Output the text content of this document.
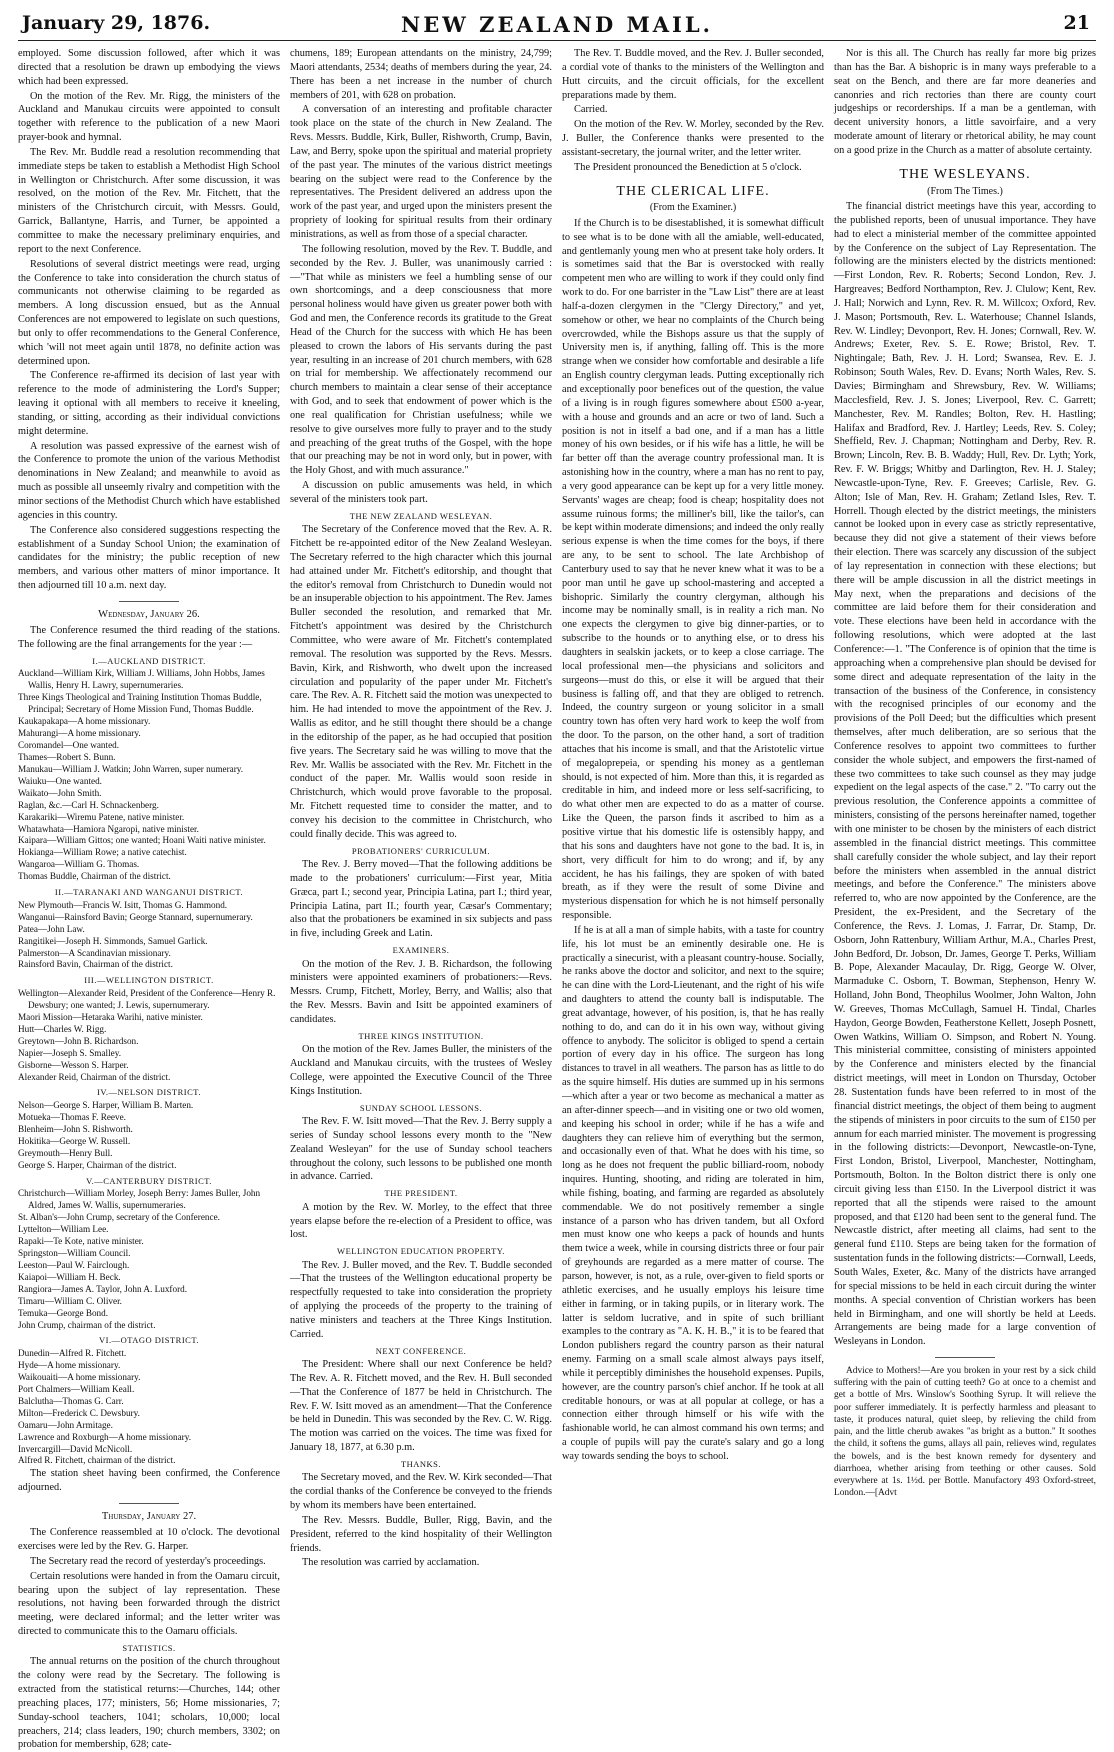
January 29, 1876.	NEW ZEALAND MAIL.	21

employed. Some discussion followed, after which it was directed that a resolution be drawn up embodying the views which had been expressed.

On the motion of the Rev. Mr. Rigg, the ministers of the Auckland and Manukau circuits were appointed to consult together with reference to the publication of a new Maori prayer-book and hymnal.

The Rev. Mr. Buddle read a resolution recommending that immediate steps be taken to establish a Methodist High School in Wellington or Christchurch. After some discussion, it was resolved, on the motion of the Rev. Mr. Fitchett, that the ministers of the Christchurch circuit, with Messrs. Gould, Garrick, Ballantyne, Harris, and Turner, be appointed a committee to make the necessary preliminary enquiries, and report to the next Conference.

Resolutions of several district meetings were read, urging the Conference to take into consideration the church status of communicants not otherwise claiming to be regarded as members. A long discussion ensued, but as the Annual Conferences are not empowered to legislate on such questions, but only to offer recommendations to the General Conference, which 'will not meet again until 1878, no definite action was determined upon.

The Conference re-affirmed its decision of last year with reference to the mode of administering the Lord's Supper; leaving it optional with all members to receive it kneeling, standing, or sitting, according as their individual convictions might determine.

A resolution was passed expressive of the earnest wish of the Conference to promote the union of the various Methodist denominations in New Zealand; and meanwhile to avoid as much as possible all unseemly rivalry and competition with the minor sections of the Methodist Church which have established agencies in this country.

The Conference also considered suggestions respecting the establishment of a Sunday School Union; the examination of candidates for the ministry; the public reception of new members, and various other matters of minor importance. It then adjourned till 10 a.m. next day.

Wednesday, January 26.

The Conference resumed the third reading of the stations. The following are the final arrangements for the year :—

I.—AUCKLAND DISTRICT.

Auckland—William Kirk, William J. Williams, John Hobbs, James Wallis, Henry H. Lawry, supernumeraries.

Three Kings Theological and Training Institution Thomas Buddle, Principal; Secretary of Home Mission Fund, Thomas Buddle.

Kaukapakapa—A home missionary.

Mahurangi—A home missionary.

Coromandel—One wanted.

Thames—Robert S. Bunn.

Manukau—William J. Watkin; John Warren, super numerary.

Waiuku—One wanted.

Waikato—John Smith.

Raglan, &c.—Carl H. Schnackenberg.

Karakariki—Wiremu Patene, native minister.

Whatawhata—Hamiora Ngaropi, native minister.

Kaipara—William Gittos; one wanted; Hoani Waiti native minister.

Hokianga—William Rowe; a native catechist.

Wangaroa—William G. Thomas.

Thomas Buddle, Chairman of the district.

II.—TARANAKI AND WANGANUI DISTRICT.

New Plymouth—Francis W. Isitt, Thomas G. Hammond.

Wanganui—Rainsford Bavin; George Stannard, supernumerary.

Patea—John Law.

Rangitikei—Joseph H. Simmonds, Samuel Garlick.

Palmerston—A Scandinavian missionary.

Rainsford Bavin, Chairman of the district.

III.—WELLINGTON DISTRICT.

Wellington—Alexander Reid, President of the Conference—Henry R. Dewsbury; one wanted; J. Lewis, supernumerary.

Maori Mission—Hetaraka Warihi, native minister.

Hutt—Charles W. Rigg.

Greytown—John B. Richardson.

Napier—Joseph S. Smalley.

Gisborne—Wesson S. Harper.

Alexander Reid, Chairman of the district.

IV.—NELSON DISTRICT.

Nelson—George S. Harper, William B. Marten.

Motueka—Thomas F. Reeve.

Blenheim—John S. Rishworth.

Hokitika—George W. Russell.

Greymouth—Henry Bull.

George S. Harper, Chairman of the district.

V.—CANTERBURY DISTRICT.

Christchurch—William Morley, Joseph Berry: James Buller, John Aldred, James W. Wallis, supernumeraries.

St. Alban's—John Crump, secretary of the Conference.

Lyttelton—William Lee.

Rapaki—Te Kote, native minister.

Springston—William Council.

Leeston—Paul W. Fairclough.

Kaiapoi—William H. Beck.

Rangiora—James A. Taylor, John A. Luxford.

Timaru—William C. Oliver.

Temuka—George Bond.

John Crump, chairman of the district.

VI.—OTAGO DISTRICT.

Dunedin—Alfred R. Fitchett.

Hyde—A home missionary.

Waikouaiti—A home missionary.

Port Chalmers—William Keall.

Balclutha—Thomas G. Carr.

Milton—Frederick C. Dewsbury.

Oamaru—John Armitage.

Lawrence and Roxburgh—A home missionary.

Invercargill—David McNicoll.

Alfred R. Fitchett, chairman of the district.

The station sheet having been confirmed, the Conference adjourned.

Thursday, January 27.

The Conference reassembled at 10 o'clock. The devotional exercises were led by the Rev. G. Harper.

The Secretary read the record of yesterday's proceedings.

Certain resolutions were handed in from the Oamaru circuit, bearing upon the subject of lay representation. These resolutions, not having been forwarded through the district meeting, were declared informal; and the letter writer was directed to communicate this to the Oamaru officials.

STATISTICS.

The annual returns on the position of the church throughout the colony were read by the Secretary. The following is extracted from the statistical returns:—Churches, 144; other preaching places, 177; ministers, 56; Home missionaries, 7; Sunday-school teachers, 1041; scholars, 10,000; local preachers, 214; class leaders, 190; church members, 3302; on probation for membership, 628; cate-

chumens, 189; European attendants on the ministry, 24,799; Maori attendants, 2534; deaths of members during the year, 24. There has been a net increase in the number of church members of 201, with 628 on probation.

A conversation of an interesting and profitable character took place on the state of the church in New Zealand. The Revs. Messrs. Buddle, Kirk, Buller, Rishworth, Crump, Bavin, Law, and Berry, spoke upon the spiritual and material propriety of the past year. The minutes of the various district meetings bearing on the subject were read to the Conference by the representatives. The President delivered an address upon the work of the past year, and urged upon the ministers present the propriety of looking for spiritual results from their ordinary ministrations, as well as from those of a special character.

The following resolution, moved by the Rev. T. Buddle, and seconded by the Rev. J. Buller, was unanimously carried :—"That while as ministers we feel a humbling sense of our own shortcomings, and a deep consciousness that more personal holiness would have given us greater power both with God and men, the Conference records its gratitude to the Great Head of the Church for the success with which He has been pleased to crown the labors of His servants during the past year, resulting in an increase of 201 church members, with 628 on trial for membership. We affectionately recommend our church members to maintain a clear sense of their acceptance with God, and to seek that endowment of power which is the one real qualification for Christian usefulness; while we resolve to give ourselves more fully to prayer and to the study and preaching of the great truths of the Gospel, with the hope that our preaching may be not in word only, but in power, with the Holy Ghost, and with much assurance."

A discussion on public amusements was held, in which several of the ministers took part.

THE NEW ZEALAND WESLEYAN.

The Secretary of the Conference moved that the Rev. A. R. Fitchett be re-appointed editor of the New Zealand Wesleyan. The Secretary referred to the high character which this journal had attained under Mr. Fitchett's editorship, and thought that the editor's removal from Christchurch to Dunedin would not be an insuperable objection to his appointment. The Rev. James Buller seconded the resolution, and remarked that Mr. Fitchett's appointment was desired by the Christchurch Committee, who were aware of Mr. Fitchett's contemplated removal. The resolution was supported by the Revs. Messrs. Bavin, Kirk, and Rishworth, who dwelt upon the increased circulation and popularity of the paper under Mr. Fitchett's care. The Rev. A. R. Fitchett said the motion was unexpected to him. He had intended to move the appointment of the Rev. J. Wallis as editor, and he still thought there should be a change in the editorship of the paper, as he had occupied that position five years. The Secretary said he was willing to move that the Rev. Mr. Wallis be associated with the Rev. Mr. Fitchett in the conduct of the paper. Mr. Wallis would soon reside in Christchurch, which would prove favorable to the proposal. Mr. Fitchett requested time to consider the matter, and to convey his decision to the committee in Christchurch, who could finally decide. This was agreed to.

PROBATIONERS' CURRICULUM.

The Rev. J. Berry moved—That the following additions be made to the probationers' curriculum:—First year, Mitia Græca, part I.; second year, Principia Latina, part I.; third year, Principia Latina, part II.; fourth year, Cæsar's Commentary; also that the probationers be examined in six subjects and pass in five, including Greek and Latin.

EXAMINERS.

On the motion of the Rev. J. B. Richardson, the following ministers were appointed examiners of probationers:—Revs. Messrs. Crump, Fitchett, Morley, Berry, and Wallis; also that the Rev. Messrs. Bavin and Isitt be appointed examiners of candidates.

THREE KINGS INSTITUTION.

On the motion of the Rev. James Buller, the ministers of the Auckland and Manukau circuits, with the trustees of Wesley College, were appointed the Executive Council of the Three Kings Institution.

SUNDAY SCHOOL LESSONS.

The Rev. F. W. Isitt moved—That the Rev. J. Berry supply a series of Sunday school lessons every month to the "New Zealand Wesleyan" for the use of Sunday school teachers throughout the colony, such lessons to be published one month in advance. Carried.

THE PRESIDENT.

A motion by the Rev. W. Morley, to the effect that three years elapse before the re-election of a President to office, was lost.

WELLINGTON EDUCATION PROPERTY.

The Rev. J. Buller moved, and the Rev. T. Buddle seconded—That the trustees of the Wellington educational property be respectfully requested to take into consideration the propriety of applying the proceeds of the property to the training of native ministers and teachers at the Three Kings Institution. Carried.

NEXT CONFERENCE.

The President: Where shall our next Conference be held? The Rev. A. R. Fitchett moved, and the Rev. H. Bull seconded—That the Conference of 1877 be held in Christchurch. The Rev. F. W. Isitt moved as an amendment—That the Conference be held in Dunedin. This was seconded by the Rev. C. W. Rigg. The motion was carried on the voices. The time was fixed for January 18, 1877, at 6.30 p.m.

THANKS.

The Secretary moved, and the Rev. W. Kirk seconded—That the cordial thanks of the Conference be conveyed to the friends by whom its members have been entertained.

The Rev. Messrs. Buddle, Buller, Rigg, Bavin, and the President, referred to the kind hospitality of their Wellington friends.

The resolution was carried by acclamation.

The Rev. T. Buddle moved, and the Rev. J. Buller seconded, a cordial vote of thanks to the ministers of the Wellington and Hutt circuits, and the circuit officials, for the excellent preparations made by them.

Carried.

On the motion of the Rev. W. Morley, seconded by the Rev. J. Buller, the Conference thanks were presented to the assistant-secretary, the journal writer, and the letter writer.

The President pronounced the Benediction at 5 o'clock.

THE CLERICAL LIFE.

(From the Examiner.)

If the Church is to be disestablished, it is somewhat difficult to see what is to be done with all the amiable, well-educated, and gentlemanly young men who at present take holy orders. It is sometimes said that the Bar is overstocked with really competent men who are willing to work if they could only find work to do. For one barrister in the "Law List" there are at least half-a-dozen clergymen in the "Clergy Directory," and yet, somehow or other, we hear no complaints of the Church being overcrowded, while the Bishops assure us that the supply of University men is, if anything, falling off. This is the more strange when we consider how comfortable and desirable a life an English country clergyman leads. Putting exceptionally rich and exceptionally poor benefices out of the question, the value of a living is in rough figures somewhere about £500 a-year, with a house and grounds and an acre or two of land. Such a position is not in itself a bad one, and if a man has a little money of his own besides, or if his wife has a little, he will be far better off than the average country professional man. It is astonishing how in the country, where a man has no rent to pay, a very good appearance can be kept up for a very little money. Servants' wages are cheap; food is cheap; hospitality does not assume ruinous forms; the milliner's bill, like the tailor's, can be kept within moderate dimensions; and indeed the only really serious expense is when the time comes for the boys, if there are any, to be sent to school. The late Archbishop of Canterbury used to say that he never knew what it was to be a poor man until he gave up school-mastering and accepted a bishopric. Similarly the country clergyman, although his income may be nominally small, is in reality a rich man. No one expects the clergymen to give big dinner-parties, or to subscribe to the hounds or to anything else, or to dress his daughters in sealskin jackets, or to keep a close carriage. The local professional men—the physicians and solicitors and surgeons—must do this, or else it will be argued that their business is falling off, and that they are obliged to retrench. Indeed, the country surgeon or young solicitor in a small country town has often very hard work to keep the wolf from the door. To the parson, on the other hand, a sort of tradition attaches that his income is small, and that the Aristotelic virtue of megaloprepeia, or spending his money as a gentleman should, is not expected of him. More than this, it is regarded as creditable in him, and indeed more or less self-sacrificing, to do what other men are expected to do as a matter of course. Like the Queen, the parson finds it ascribed to him as a positive virtue that his domestic life is ostensibly happy, and that his sons and daughters have not gone to the bad. It is, in short, very difficult for him to do wrong; and if, by any accident, he has his failings, they are spoken of with bated breath, as if they were the result of some Divine and mysterious dispensation for which he is not himself personally responsible.

If he is at all a man of simple habits, with a taste for country life, his lot must be an eminently desirable one. He is practically a sinecurist, with a pleasant country-house. Socially, he ranks above the doctor and solicitor, and next to the squire; he can dine with the Lord-Lieutenant, and the right of his wife and daughters to attend the county ball is indisputable. The great advantage, however, of his position, is, that he has really nothing to do, and can do it in his own way, without giving offence to anybody. The solicitor is obliged to spend a certain portion of every day in his office. The surgeon has long distances to travel in all weathers. The parson has as little to do as the squire himself. His duties are summed up in his sermons—which after a year or two become as mechanical a matter as an after-dinner speech—and in visiting one or two old women, and keeping his school in order; while if he has a wife and daughters they can relieve him of everything but the sermon, and occasionally even of that. What he does with his time, so long as he does not frequent the public billiard-room, nobody inquires. Hunting, shooting, and riding are tolerated in him, while fishing, boating, and farming are regarded as absolutely commendable. We do not positively remember a single instance of a parson who has driven tandem, but all Oxford men must know one who keeps a pack of hounds and hunts them twice a week, while in coursing districts three or four pair of greyhounds are regarded as a mere matter of course. The parson, however, is not, as a rule, over-given to field sports or athletic exercises, and he usually employs his leisure time either in farming, or in taking pupils, or in literary work. The latter is seldom lucrative, and in spite of such brilliant examples to the contrary as "A. K. H. B.," it is to be feared that London publishers regard the country parson as their natural enemy. Farming on a small scale almost always pays itself, while it perceptibly diminishes the household expenses. Pupils, however, are the country parson's chief anchor. If he took at all creditable honours, or was at all popular at college, or has a connection either through himself or his wife with the fashionable world, he can almost command his own terms; and a couple of pupils will pay the curate's salary and go a long way towards sending the boys to school.

Nor is this all. The Church has really far more big prizes than has the Bar. A bishopric is in many ways preferable to a seat on the Bench, and there are far more deaneries and canonries and rich rectories than there are county court judgeships or recorderships. If a man be a gentleman, with decent university honors, a little savoirfaire, and a very moderate amount of literary or rhetorical ability, he may count on a good prize in the Church as a matter of absolute certainty.

THE WESLEYANS.

(From The Times.)

The financial district meetings have this year, according to the published reports, been of unusual importance. They have had to elect a ministerial member of the committee appointed by the Conference on the subject of Lay Representation. The following are the ministers elected by the districts mentioned:—First London, Rev. R. Roberts; Second London, Rev. J. Hargreaves; Bedford Northampton, Rev. J. Clulow; Kent, Rev. J. Hall; Norwich and Lynn, Rev. R. M. Willcox; Oxford, Rev. J. Mason; Portsmouth, Rev. L. Waterhouse; Channel Islands, Rev. W. Lindley; Devonport, Rev. H. Jones; Cornwall, Rev. W. Andrews; Exeter, Rev. S. E. Rowe; Bristol, Rev. T. Nightingale; Bath, Rev. J. H. Lord; Swansea, Rev. E. J. Robinson; South Wales, Rev. D. Evans; North Wales, Rev. S. Davies; Birmingham and Shrewsbury, Rev. W. Williams; Macclesfield, Rev. J. S. Jones; Liverpool, Rev. C. Garrett; Manchester, Rev. M. Randles; Bolton, Rev. H. Hastling; Halifax and Bradford, Rev. J. Hartley; Leeds, Rev. S. Coley; Sheffield, Rev. J. Chapman; Nottingham and Derby, Rev. R. Brown; Lincoln, Rev. B. B. Waddy; Hull, Rev. Dr. Lyth; York, Rev. F. W. Briggs; Whitby and Darlington, Rev. H. J. Staley; Newcastle-upon-Tyne, Rev. F. Greeves; Carlisle, Rev. G. Alton; Isle of Man, Rev. H. Graham; Zetland Isles, Rev. T. Horrell. Though elected by the district meetings, the ministers cannot be looked upon in every case as strictly representative, because they did not give a statement of their views before their election. There was scarcely any discussion of the subject of lay representation in connection with these elections; but there will be ample discussion in all the district meetings in May next, when the preparations and decisions of the committee are laid before them for their consideration and vote. These elections have been held in accordance with the following resolutions, which were adopted at the last Conference:—1. "The Conference is of opinion that the time is approaching when a comprehensive plan should be devised for some direct and adequate representation of the laity in the transaction of the business of the Conference, in consistency with the recognised principles of our economy and the provisions of the Poll Deed; but the difficulties which present themselves, after much deliberation, are so serious that the Conference resolves to appoint two committees to further consider the whole subject, and empowers the first-named of these two committees to take such counsel as they may judge expedient on the legal aspects of the case." 2. "To carry out the previous resolution, the Conference appoints a committee of ministers, consisting of the persons hereinafter named, together with one minister to be chosen by the ministers of each district assembled in the financial district meetings. This committee shall carefully consider the whole subject, and lay their report before the ministers when assembled in the annual district meetings, and before the Conference." The ministers above referred to, who are now appointed by the Conference, are the President, the ex-President, and the Secretary of the Conference, the Revs. J. Lomas, J. Farrar, Dr. Stamp, Dr. Osborn, John Rattenbury, William Arthur, M.A., Charles Prest, John Bedford, Dr. Jobson, Dr. James, George T. Perks, William B. Pope, Alexander Macaulay, Dr. Rigg, George W. Olver, Marmaduke C. Osborn, T. Bowman, Stephenson, Henry W. Holland, John Bond, Theophilus Woolmer, John Walton, John W. Greeves, Thomas McCullagh, Samuel H. Tindal, Charles Haydon, George Bowden, Featherstone Kellett, Joseph Posnett, Owen Watkins, William O. Simpson, and Robert N. Young. This ministerial committee, consisting of ministers appointed by the Conference and ministers elected by the financial district meetings, will meet in London on Thursday, October 28. Sustentation funds have been referred to in most of the financial district meetings, the object of them being to augment the stipends of ministers in poor circuits to the sum of £150 per annum for each married minister. The movement is progressing in the following districts:—Devonport, Newcastle-on-Tyne, First London, Bristol, Liverpool, Manchester, Nottingham, Portsmouth, Bolton. In the Bolton district there is only one circuit giving less than £150. In the Liverpool district it was reported that all the stipends were raised to the amount proposed, and that £120 had been sent to the general fund. The Newcastle district, after meeting all claims, had sent to the general fund £110. Steps are being taken for the formation of sustentation funds in the following districts:—Cornwall, Leeds, South Wales, Exeter, &c. Many of the districts have arranged for special missions to be held in each circuit during the winter months. A special convention of Christian workers has been held in Birmingham, and one will shortly be held at Leeds. Arrangements are being made for a large convention of Wesleyans in London.

Advice to Mothers!—Are you broken in your rest by a sick child suffering with the pain of cutting teeth? Go at once to a chemist and get a bottle of Mrs. Winslow's Soothing Syrup. It will relieve the poor sufferer immediately. It is perfectly harmless and pleasant to taste, it produces natural, quiet sleep, by relieving the child from pain, and the little cherub awakes "as bright as a button." It soothes the child, it softens the gums, allays all pain, relieves wind, regulates the bowels, and is the best known remedy for dysentery and diarrhoea, whether arising from teething or other causes. Sold everywhere at 1s. 1½d. per Bottle. Manufactory 493 Oxford-street, London.—[Advt
